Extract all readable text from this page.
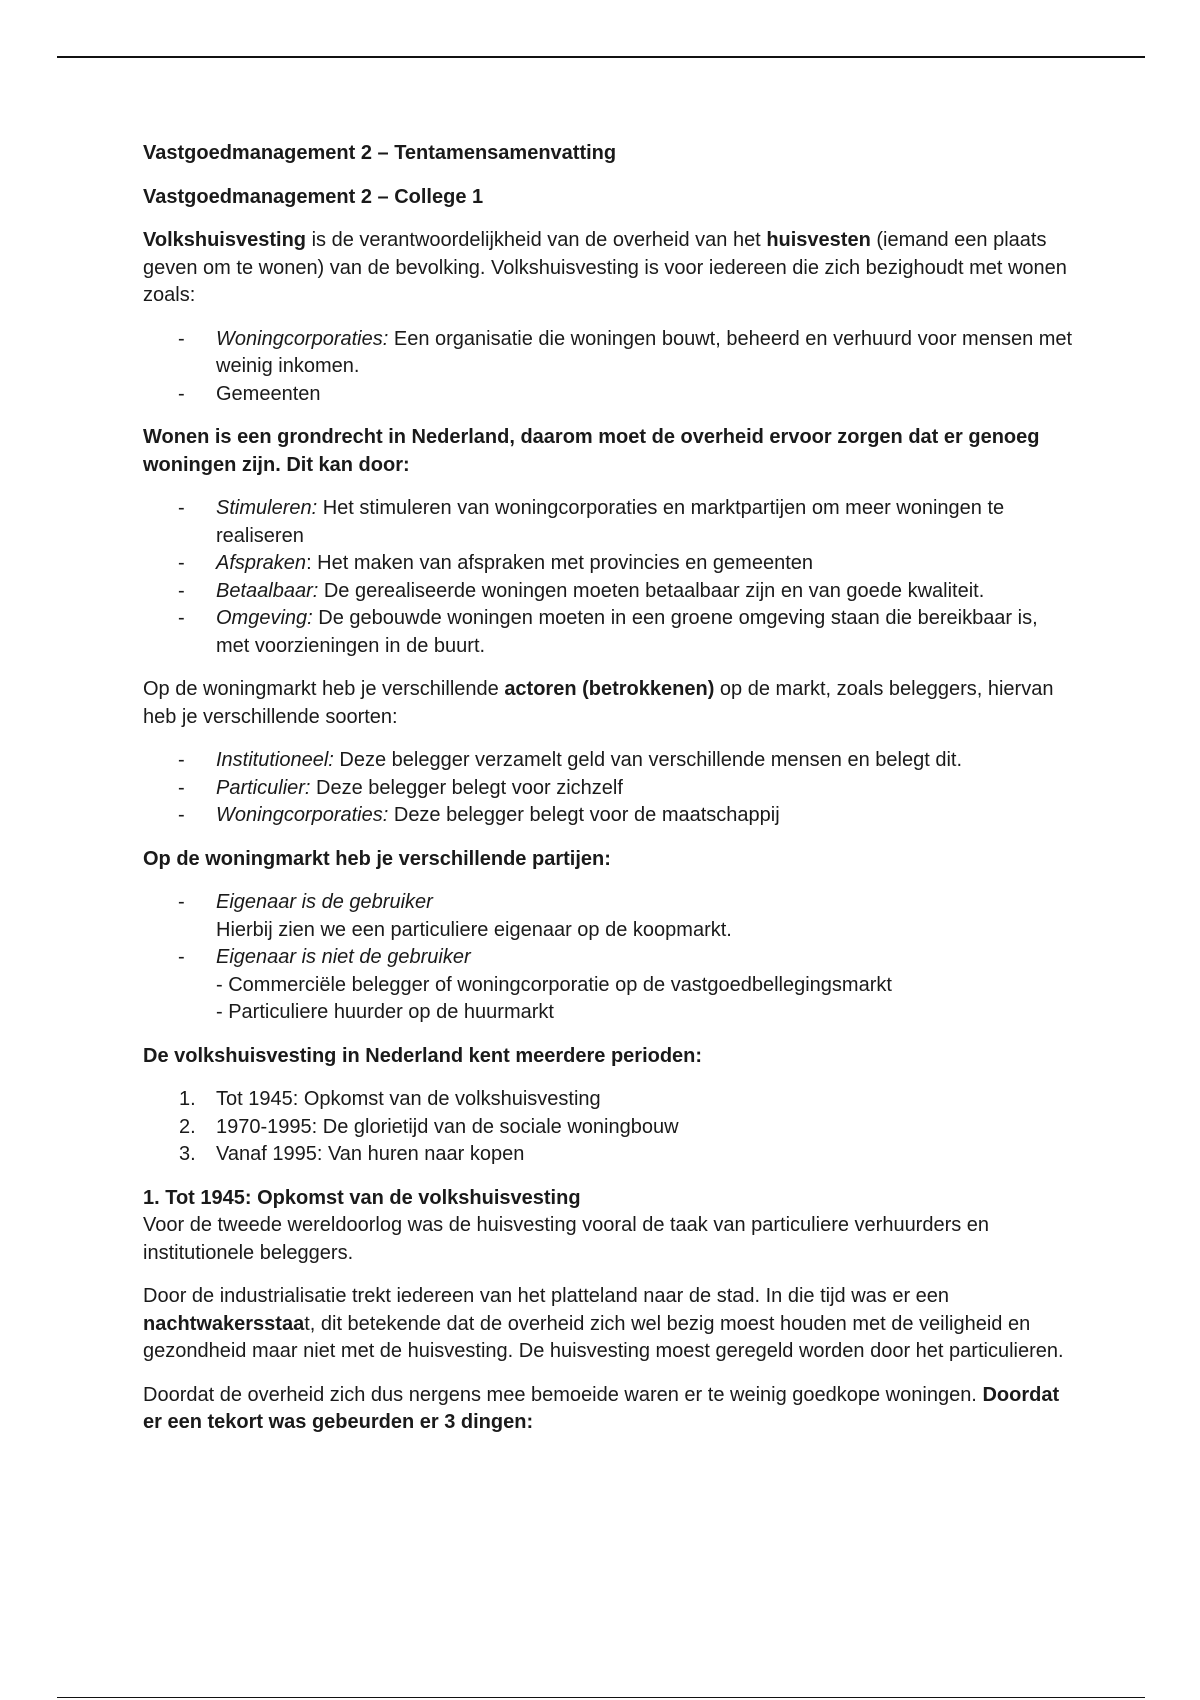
Vastgoedmanagement 2 – Tentamensamenvatting
Vastgoedmanagement 2 – College 1

Volkshuisvesting is de verantwoordelijkheid van de overheid van het huisvesten (iemand een plaats geven om te wonen) van de bevolking. Volkshuisvesting is voor iedereen die zich bezighoudt met wonen zoals:

- Woningcorporaties: Een organisatie die woningen bouwt, beheerd en verhuurd voor mensen met weinig inkomen.
- Gemeenten
Wonen is een grondrecht in Nederland, daarom moet de overheid ervoor zorgen dat er genoeg woningen zijn. Dit kan door:
- Stimuleren: Het stimuleren van woningcorporaties en marktpartijen om meer woningen te realiseren
- Afspraken: Het maken van afspraken met provincies en gemeenten
- Betaalbaar: De gerealiseerde woningen moeten betaalbaar zijn en van goede kwaliteit.
- Omgeving: De gebouwde woningen moeten in een groene omgeving staan die bereikbaar is, met voorzieningen in de buurt.

Op de woningmarkt heb je verschillende actoren (betrokkenen) op de markt, zoals beleggers, hiervan heb je verschillende soorten:

- Institutioneel: Deze belegger verzamelt geld van verschillende mensen en belegt dit.
- Particulier: Deze belegger belegt voor zichzelf
- Woningcorporaties: Deze belegger belegt voor de maatschappij
Op de woningmarkt heb je verschillende partijen:
- Eigenaar is de gebruiker
Hierbij zien we een particuliere eigenaar op de koopmarkt.
- Eigenaar is niet de gebruiker
- Commerciële belegger of woningcorporatie op de vastgoedbellegingsmarkt
- Particuliere huurder op de huurmarkt
De volkshuisvesting in Nederland kent meerdere perioden:
1. Tot 1945: Opkomst van de volkshuisvesting
2. 1970-1995: De glorietijd van de sociale woningbouw
3. Vanaf 1995: Van huren naar kopen
1. Tot 1945: Opkomst van de volkshuisvesting

Voor de tweede wereldoorlog was de huisvesting vooral de taak van particuliere verhuurders en institutionele beleggers.

Door de industrialisatie trekt iedereen van het platteland naar de stad. In die tijd was er een nachtwakersstaat, dit betekende dat de overheid zich wel bezig moest houden met de veiligheid en gezondheid maar niet met de huisvesting. De huisvesting moest geregeld worden door het particulieren.

Doordat de overheid zich dus nergens mee bemoeide waren er te weinig goedkope woningen. Doordat er een tekort was gebeurden er 3 dingen:
